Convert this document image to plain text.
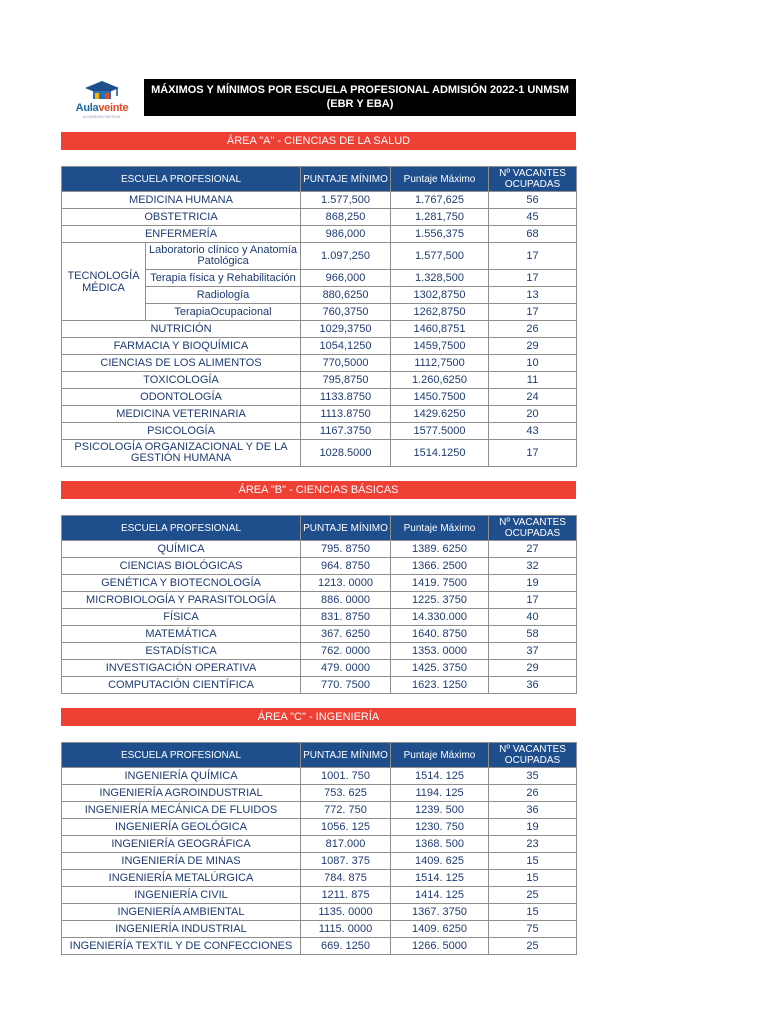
Aulaveinte
ACADEMIA VIRTUAL
MÁXIMOS Y MÍNIMOS POR ESCUELA PROFESIONAL ADMISIÓN 2022-1 UNMSM
(EBR Y EBA)
ÁREA "A" - CIENCIAS DE LA SALUD
ESCUELA PROFESIONAL		PUNTAJE MÍNIMO	Puntaje Máximo	Nº VACANTES OCUPADAS
MEDICINA HUMANA		1.577,500	1.767,625	56
OBSTETRICIA		868,250	1.281,750	45
ENFERMERÍA		986,000	1.556,375	68
TECNOLOGÍA MÉDICA	Laboratorio clínico y Anatomía Patológica	1.097,250	1.577,500	17
	Terapia física y Rehabilitación	966,000	1.328,500	17
	Radiología	880,6250	1302,8750	13
	TerapiaOcupacional	760,3750	1262,8750	17
NUTRICIÓN		1029,3750	1460,8751	26
FARMACIA Y BIOQUÍMICA		1054,1250	1459,7500	29
CIENCIAS DE LOS ALIMENTOS		770,5000	1112,7500	10
TOXICOLOGÍA		795,8750	1.260,6250	11
ODONTOLOGÍA		1133.8750	1450.7500	24
MEDICINA VETERINARIA		1113.8750	1429.6250	20
PSICOLOGÍA		1167.3750	1577.5000	43
PSICOLOGÍA ORGANIZACIONAL Y DE LA GESTIÓN HUMANA		1028.5000	1514.1250	17
ÁREA "B" - CIENCIAS BÁSICAS
ESCUELA PROFESIONAL	PUNTAJE MÍNIMO	Puntaje Máximo	Nº VACANTES OCUPADAS
QUÍMICA	795. 8750	1389. 6250	27
CIENCIAS BIOLÓGICAS	964. 8750	1366. 2500	32
GENÉTICA Y BIOTECNOLOGÍA	1213. 0000	1419. 7500	19
MICROBIOLOGÍA Y PARASITOLOGÍA	886. 0000	1225. 3750	17
FÍSICA	831. 8750	14.330.000	40
MATEMÁTICA	367. 6250	1640. 8750	58
ESTADÍSTICA	762. 0000	1353. 0000	37
INVESTIGACIÓN OPERATIVA	479. 0000	1425. 3750	29
COMPUTACIÓN CIENTÍFICA	770. 7500	1623. 1250	36
ÁREA "C" - INGENIERÍA
ESCUELA PROFESIONAL	PUNTAJE MÍNIMO	Puntaje Máximo	Nº VACANTES OCUPADAS
INGENIERÍA QUÍMICA	1001. 750	1514. 125	35
INGENIERÍA AGROINDUSTRIAL	753. 625	1194. 125	26
INGENIERÍA MECÁNICA DE FLUIDOS	772. 750	1239. 500	36
INGENIERÍA GEOLÓGICA	1056. 125	1230. 750	19
INGENIERÍA GEOGRÁFICA	817.000	1368. 500	23
INGENIERÍA DE MINAS	1087. 375	1409. 625	15
INGENIERÍA METALÚRGICA	784. 875	1514. 125	15
INGENIERÍA CIVIL	1211. 875	1414. 125	25
INGENIERÍA AMBIENTAL	1135. 0000	1367. 3750	15
INGENIERÍA INDUSTRIAL	1115. 0000	1409. 6250	75
INGENIERÍA TEXTIL Y DE CONFECCIONES	669. 1250	1266. 5000	25
